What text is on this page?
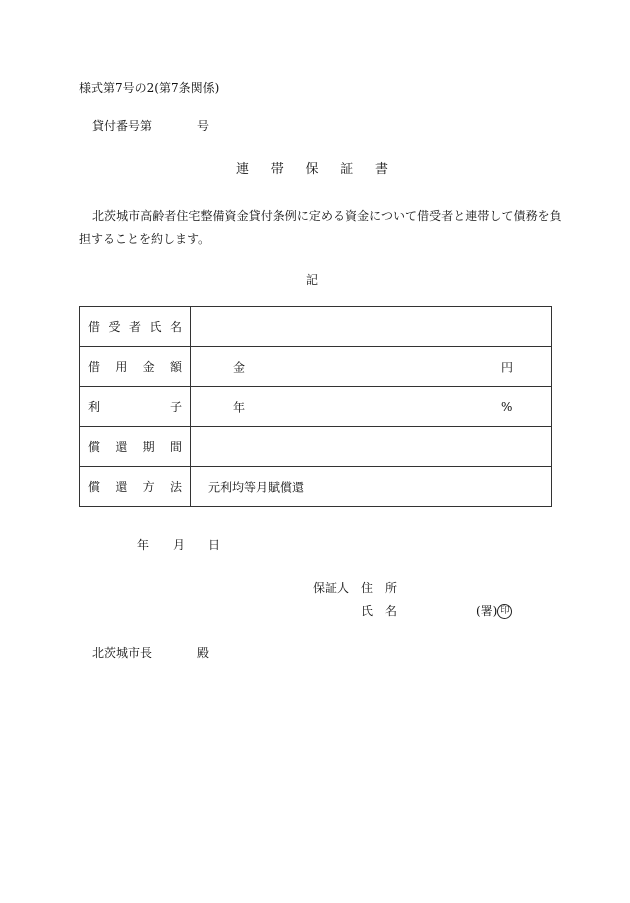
様式第7号の2(第7条関係)
貸付番号第	号
連 帯 保 証 書
北茨城市高齢者住宅整備資金貸付条例に定める資金について借受者と連帯して債務を負
担することを約します。
記
借 受 者 氏 名	

借 用 金 額	金 円

利 子	年 %

償 還 期 間	

償 還 方 法	元利均等月賦償還
年 月 日
保証人 住　所
氏　名	(署) 印
北茨城市長	殿
